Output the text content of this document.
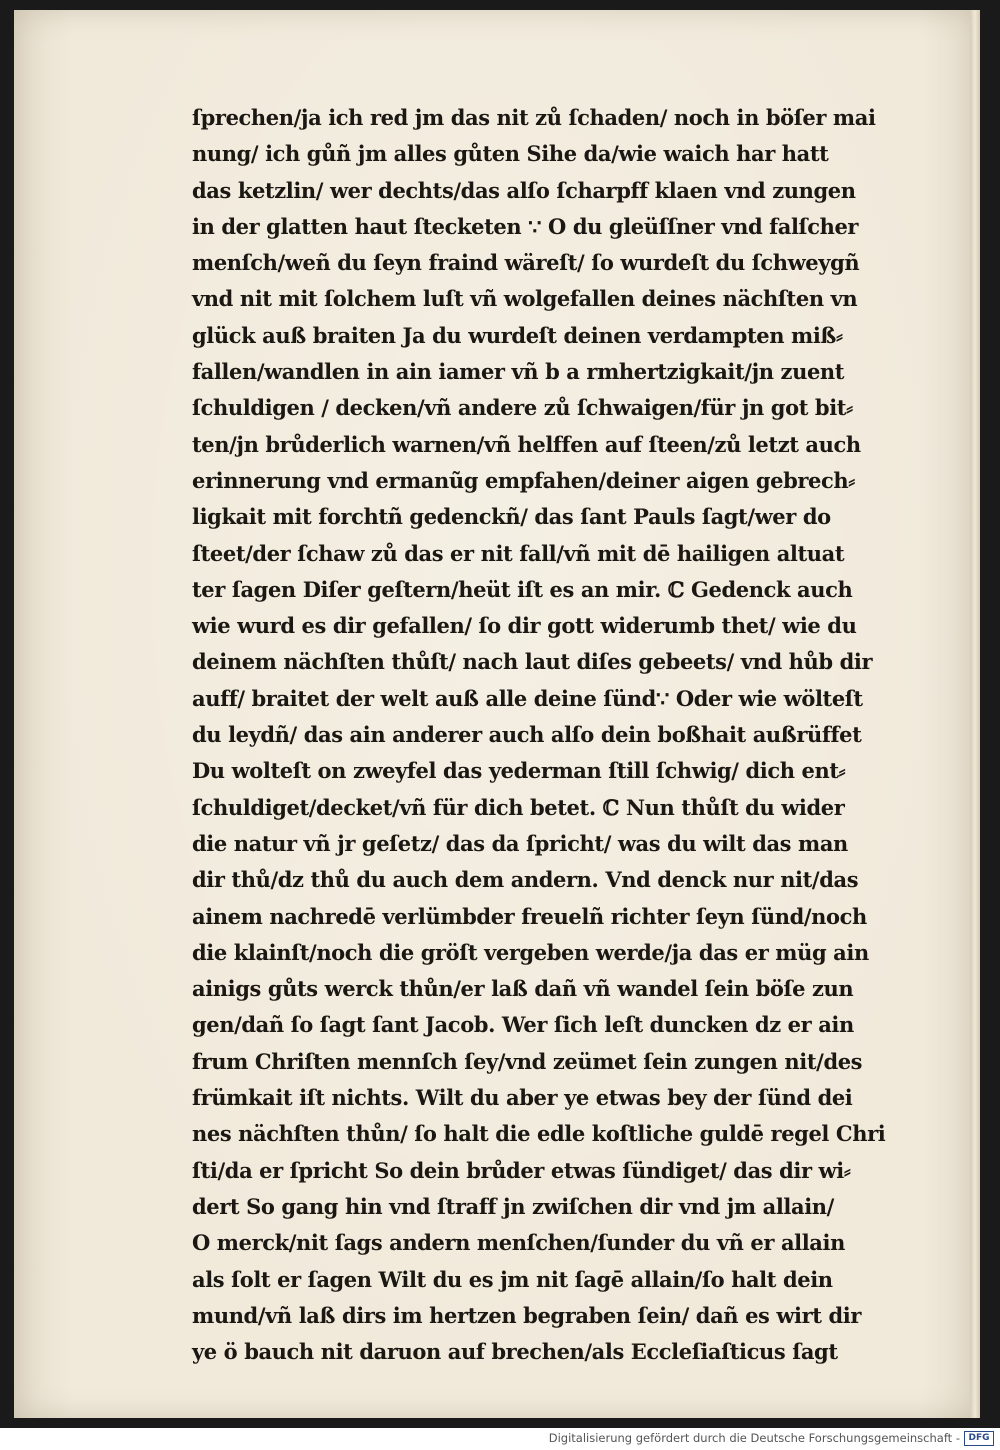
ſprechen/ja ich red jm das nit zů ſchaden/ noch in böſer mai
nung/ ich gůñ jm alles gůten Sihe da/wie waich har hatt
das ketzlin/ wer dechts/das alſo ſcharpff klaen vnd zungen
in der glatten haut ſtecketen ∵ O du gleüſſner vnd falſcher
menſch/weñ du ſeyn fraind wäreſt/ ſo wurdeſt du ſchweygñ
vnd nit mit ſolchem luſt vñ wolgefallen deines nächſten vn
glück auß braiten Ja du wurdeſt deinen verdampten miß⸗
fallen/wandlen in ain iamer vñ b a rmhertzigkait/jn zuent
ſchuldigen / decken/vñ andere zů ſchwaigen/für jn got bit⸗
ten/jn brůderlich warnen/vñ helffen auf ſteen/zů letzt auch
erinnerung vnd ermanũg empfahen/deiner aigen gebrech⸗
ligkait mit forchtñ gedenckñ/ das ſant Pauls ſagt/wer do
ſteet/der ſchaw zů das er nit fall/vñ mit dē hailigen altuat
ter ſagen Diſer geſtern/heüt iſt es an mir. ℂ Gedenck auch
wie wurd es dir gefallen/ ſo dir gott widerumb thet/ wie du
deinem nächſten thůſt/ nach laut diſes gebeets/ vnd hůb dir
auff/ braitet der welt auß alle deine ſünd∵ Oder wie wölteſt
du leydñ/ das ain anderer auch alſo dein boßhait außrüffet
Du wolteſt on zweyfel das yederman ſtill ſchwig/ dich ent⸗
ſchuldiget/decket/vñ für dich betet. ℂ Nun thůſt du wider
die natur vñ jr geſetz/ das da ſpricht/ was du wilt das man
dir thů/dz thů du auch dem andern. Vnd denck nur nit/das
ainem nachredē verlümbder freuelñ richter ſeyn ſünd/noch
die klainſt/noch die gröſt vergeben werde/ja das er müg ain
ainigs gůts werck thůn/er laß dañ vñ wandel ſein böſe zun
gen/dañ ſo ſagt ſant Jacob. Wer ſich leſt duncken dz er ain
frum Chriſten mennſch ſey/vnd zeümet ſein zungen nit/des
frümkait iſt nichts. Wilt du aber ye etwas bey der ſünd dei
nes nächſten thůn/ ſo halt die edle koſtliche guldē regel Chri
ſti/da er ſpricht So dein brůder etwas ſündiget/ das dir wi⸗
dert So gang hin vnd ſtraff jn zwiſchen dir vnd jm allain/
O merck/nit ſags andern menſchen/ſunder du vñ er allain
als ſolt er ſagen Wilt du es jm nit ſagē allain/ſo halt dein
mund/vñ laß dirs im hertzen begraben ſein/ dañ es wirt dir
ye ö bauch nit daruon auf brechen/als Eccleſiaſticus ſagt
Digitalisierung gefördert durch die Deutsche Forschungsgemeinschaft - DFG
